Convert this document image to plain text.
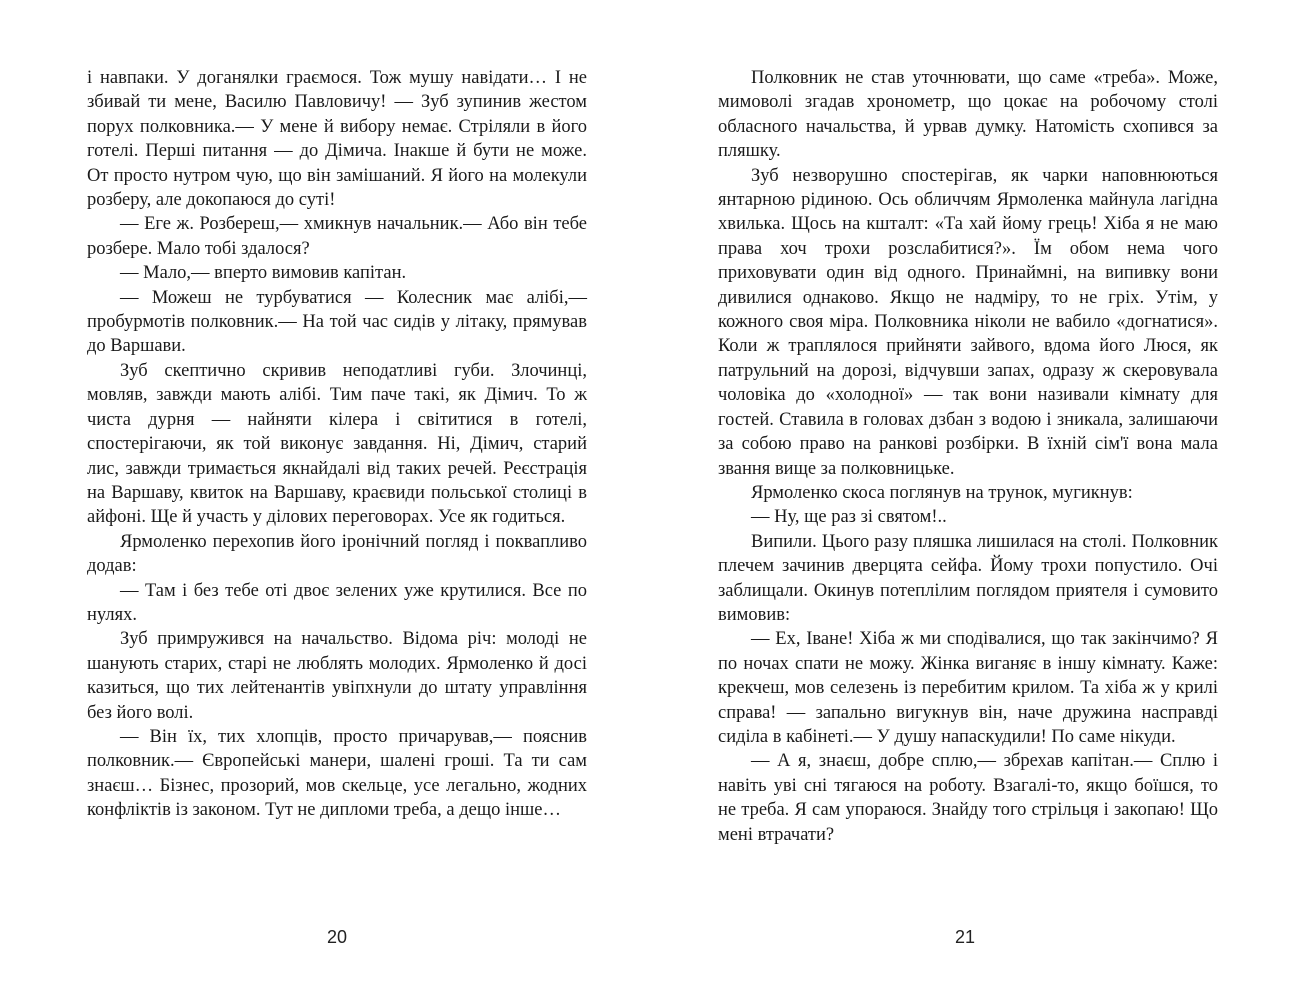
і навпаки. У доганялки граємося. Тож мушу навідати… І не збивай ти мене, Василю Павловичу! — Зуб зупинив жестом порух полковника.— У мене й вибору немає. Стріляли в його готелі. Перші питання — до Дімича. Інакше й бути не може. От просто нутром чую, що він замішаний. Я його на молекули розберу, але докопаюся до суті!

— Еге ж. Розбереш,— хмикнув начальник.— Або він тебе розбере. Мало тобі здалося?

— Мало,— вперто вимовив капітан.

— Можеш не турбуватися — Колесник має алібі,— пробурмотів полковник.— На той час сидів у літаку, прямував до Варшави.

Зуб скептично скривив неподатливі губи. Злочинці, мовляв, завжди мають алібі. Тим паче такі, як Дімич. То ж чиста дурня — найняти кілера і світитися в готелі, спостерігаючи, як той виконує завдання. Ні, Дімич, старий лис, завжди тримається якнайдалі від таких речей. Реєстрація на Варшаву, квиток на Варшаву, краєвиди польської столиці в айфоні. Ще й участь у ділових переговорах. Усе як годиться.

Ярмоленко перехопив його іронічний погляд і поквапливо додав:

— Там і без тебе оті двоє зелених уже крутилися. Все по нулях.

Зуб примружився на начальство. Відома річ: молоді не шанують старих, старі не люблять молодих. Ярмоленко й досі казиться, що тих лейтенантів увіпхнули до штату управління без його волі.

— Він їх, тих хлопців, просто причарував,— пояснив полковник.— Європейські манери, шалені гроші. Та ти сам знаєш… Бізнес, прозорий, мов скельце, усе легально, жодних конфліктів із законом. Тут не дипломи треба, а дещо інше…

20

Полковник не став уточнювати, що саме «треба». Може, мимоволі згадав хронометр, що цокає на робочому столі обласного начальства, й урвав думку. Натомість схопився за пляшку.

Зуб незворушно спостерігав, як чарки наповнюються янтарною рідиною. Ось обличчям Ярмоленка майнула лагідна хвилька. Щось на кшталт: «Та хай йому грець! Хіба я не маю права хоч трохи розслабитися?». Їм обом нема чого приховувати один від одного. Принаймні, на випивку вони дивилися однаково. Якщо не надміру, то не гріх. Утім, у кожного своя міра. Полковника ніколи не вабило «догнатися». Коли ж траплялося прийняти зайвого, вдома його Люся, як патрульний на дорозі, відчувши запах, одразу ж скеровувала чоловіка до «холодної» — так вони називали кімнату для гостей. Ставила в головах дзбан з водою і зникала, залишаючи за собою право на ранкові розбірки. В їхній сім'ї вона мала звання вище за полковницьке.

Ярмоленко скоса поглянув на трунок, мугикнув:

— Ну, ще раз зі святом!..

Випили. Цього разу пляшка лишилася на столі. Полковник плечем зачинив дверцята сейфа. Йому трохи попустило. Очі заблищали. Окинув потеплілим поглядом приятеля і сумовито вимовив:

— Ех, Іване! Хіба ж ми сподівалися, що так закінчимо? Я по ночах спати не можу. Жінка виганяє в іншу кімнату. Каже: крекчеш, мов селезень із перебитим крилом. Та хіба ж у крилі справа! — запально вигукнув він, наче дружина насправді сиділа в кабінеті.— У душу напаскудили! По саме нікуди.

— А я, знаєш, добре сплю,— збрехав капітан.— Сплю і навіть уві сні тягаюся на роботу. Взагалі-то, якщо боїшся, то не треба. Я сам упораюся. Знайду того стрільця і закопаю! Що мені втрачати?

21
